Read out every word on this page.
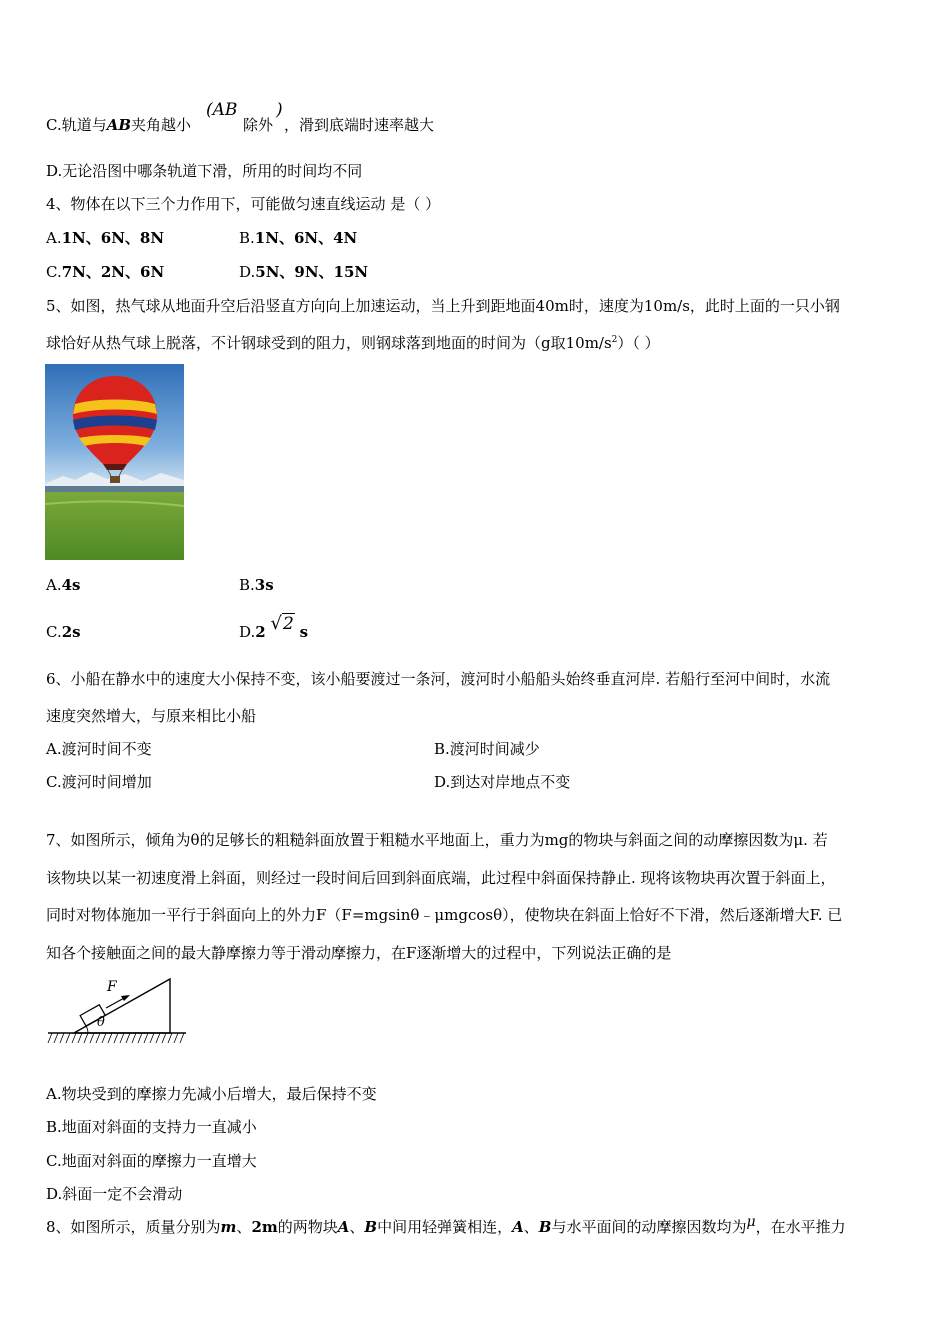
C.轨道与AB夹角越小
(AB
除外
)
，滑到底端时速率越大
D.无论沿图中哪条轨道下滑，所用的时间均不同
4、物体在以下三个力作用下，可能做匀速直线运动 是（ ）
A.1N、6N、8N	B.1N、6N、4N
C.7N、2N、6N	D.5N、9N、15N
5、如图，热气球从地面升空后沿竖直方向向上加速运动，当上升到距地面40m时，速度为10m/s，此时上面的一只小钢
球恰好从热气球上脱落，不计钢球受到的阻力，则钢球落到地面的时间为（g取$10m/s^2$）（ ）
A.4s	B.3s
C.2s	D.2 √2 s
6、小船在静水中的速度大小保持不变，该小船要渡过一条河，渡河时小船船头始终垂直河岸. 若船行至河中间时，水流
速度突然增大，与原来相比小船
A.渡河时间不变	B.渡河时间减少
C.渡河时间增加	D.到达对岸地点不变
7、如图所示，倾角为θ的足够长的粗糙斜面放置于粗糙水平地面上，重力为mg的物块与斜面之间的动摩擦因数为μ. 若
该物块以某一初速度滑上斜面，则经过一段时间后回到斜面底端，此过程中斜面保持静止. 现将该物块再次置于斜面上，
同时对物体施加一平行于斜面向上的外力F（F=mgsinθ﹣μmgcosθ），使物块在斜面上恰好不下滑，然后逐渐增大F. 已
知各个接触面之间的最大静摩擦力等于滑动摩擦力，在F逐渐增大的过程中，下列说法正确的是
F
θ
A.物块受到的摩擦力先减小后增大，最后保持不变
B.地面对斜面的支持力一直减小
C.地面对斜面的摩擦力一直增大
D.斜面一定不会滑动
8、如图所示，质量分别为m、2m的两物块A、B中间用轻弹簧相连，A、B与水平面间的动摩擦因数均为μ，在水平推力
